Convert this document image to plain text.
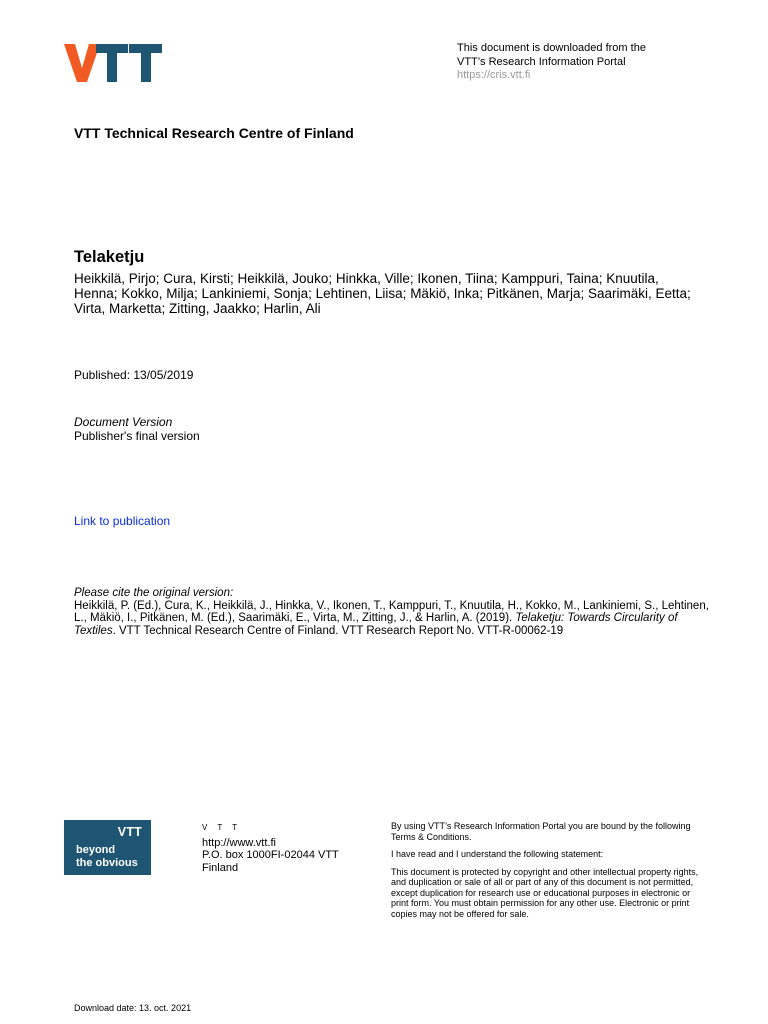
This document is downloaded from the
VTT’s Research Information Portal
https://cris.vtt.fi
VTT Technical Research Centre of Finland
Telaketju
Heikkilä, Pirjo; Cura, Kirsti; Heikkilä, Jouko; Hinkka, Ville; Ikonen, Tiina; Kamppuri, Taina; Knuutila, Henna; Kokko, Milja; Lankiniemi, Sonja; Lehtinen, Liisa; Mäkiö, Inka; Pitkänen, Marja; Saarimäki, Eetta; Virta, Marketta; Zitting, Jaakko; Harlin, Ali
Published: 13/05/2019
Document Version
Publisher's final version
Link to publication
Please cite the original version:
Heikkilä, P. (Ed.), Cura, K., Heikkilä, J., Hinkka, V., Ikonen, T., Kamppuri, T., Knuutila, H., Kokko, M., Lankiniemi, S., Lehtinen, L., Mäkiö, I., Pitkänen, M. (Ed.), Saarimäki, E., Virta, M., Zitting, J., & Harlin, A. (2019). Telaketju: Towards Circularity of Textiles. VTT Technical Research Centre of Finland. VTT Research Report No. VTT-R-00062-19
VTT
beyond
the obvious
V T T
http://www.vtt.fi
P.O. box 1000FI-02044 VTT
Finland

By using VTT’s Research Information Portal you are bound by the following Terms & Conditions.

I have read and I understand the following statement:

This document is protected by copyright and other intellectual property rights, and duplication or sale of all or part of any of this document is not permitted, except duplication for research use or educational purposes in electronic or print form. You must obtain permission for any other use. Electronic or print copies may not be offered for sale.

Download date: 13. oct. 2021
